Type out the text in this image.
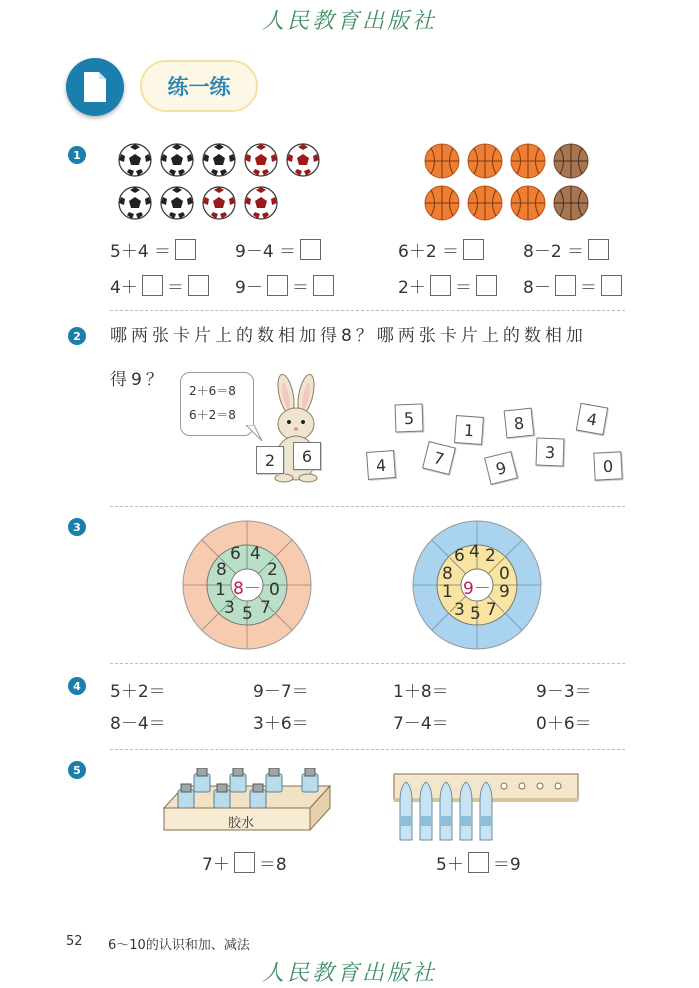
人民教育出版社
练一练
1
5＋4 ＝	9－4 ＝	6＋2 ＝	8－2 ＝
4＋ ＝	9－ ＝	2＋ ＝	8－ ＝
2	哪两张卡片上的数相加得8？哪两张卡片上的数相加
得9？
2＋6＝8
6＋2＝8
2	6
5
1	8	4
4	7	9
3
0
3
6 4
2
0
7
5
3
1
8
8－
6 4 2
0
9
7
5
3
1
8
9－
4	5＋2＝	9－7＝	1＋8＝	9－3＝
8－4＝	3＋6＝	7－4＝	0＋6＝
5
胶水
7＋ ＝8	5＋ ＝9
52 6～10的认识和加、减法
人民教育出版社
